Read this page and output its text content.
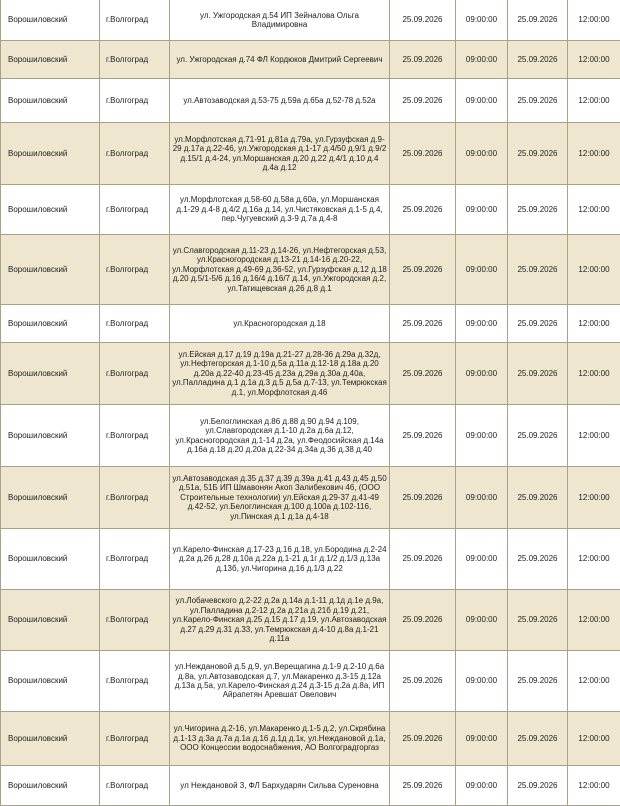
Ворошиловский	г.Волгоград	ул. Ужгородская д.54 ИП Зейналова Ольга Владимировна	25.09.2026	09:00:00	25.09.2026	12:00:00
Ворошиловский	г.Волгоград	ул. Ужгородская д.74 ФЛ Кордюков Дмитрий Сергеевич	25.09.2026	09:00:00	25.09.2026	12:00:00
Ворошиловский	г.Волгоград	ул.Автозаводская д.53-75 д.59а д.65а д.52-78 д.52а	25.09.2026	09:00:00	25.09.2026	12:00:00
Ворошиловский	г.Волгоград	ул.Морфлотская д.71-91 д.81а д.79а, ул.Гурзуфская д.9-29 д.17а д.22-46, ул.Ужгородская д.1-17 д.4/50 д.9/1 д.9/2 д.15/1 д.4-24, ул.Моршанская д.20 д.22 д.4/1 д.10 д.4 д.4а д.12	25.09.2026	09:00:00	25.09.2026	12:00:00
Ворошиловский	г.Волгоград	ул.Морфлотская д.58-60 д.58а д.60а, ул.Моршанская д.1-29 д.4-8 д.4/2 д.16а д.14, ул.Чистяковская д.1-5 д.4, пер.Чугуевский д.3-9 д.7а д.4-8	25.09.2026	09:00:00	25.09.2026	12:00:00
Ворошиловский	г.Волгоград	ул.Славгородская д.11-23 д.14-26, ул.Нефтегорская д.53, ул.Красногородская д.13-21 д.14-16 д.20-22, ул.Морфлотская д.49-69 д.36-52, ул.Гурзуфская д.12 д.18 д.20 д.5/1-5/6 д.16 д.16/4 д.16/7 д.14, ул.Ужгородская д.2, ул.Татищевская д.26 д.8 д.1	25.09.2026	09:00:00	25.09.2026	12:00:00
Ворошиловский	г.Волгоград	ул.Красногородская д.18	25.09.2026	09:00:00	25.09.2026	12:00:00
Ворошиловский	г.Волгоград	ул.Ейская д.17 д.19 д.19а д.21-27 д.28-36 д.29а д.32д, ул.Нефтегорская д.1-10 д.5а д.11а д.12-18 д.18а д.20 д.20а д.22-40 д.23-45 д.23а д.29а д.30а д.40а, ул.Палладина д.1 д.1а д.3 д.5 д.5а д.7-13, ул.Темрюкская д.1, ул.Морфлотская д.46	25.09.2026	09:00:00	25.09.2026	12:00:00
Ворошиловский	г.Волгоград	ул.Белоглинская д.86 д.88 д.90 д.94 д.109, ул.Славгородская д.1-10 д.2а д.6а д.12, ул.Красногородская д.1-14 д.2а, ул.Феодосийская д.14а д.16а д.18 д.20 д.20а д.22-34 д.34а д.36 д.38 д.40	25.09.2026	09:00:00	25.09.2026	12:00:00
Ворошиловский	г.Волгоград	ул.Автозаводская д.35 д.37 д.39 д.39а д.41 д.43 д.45 д.50 д.51а, 51Б ИП Шмавонян Акоп Залибекович 46, (ООО Строительные технологии) ул.Ейская д.29-37 д.41-49 д.42-52, ул.Белоглинская д.100 д.100а д.102-116, ул.Пинская д.1 д.1а д.4-18	25.09.2026	09:00:00	25.09.2026	12:00:00
Ворошиловский	г.Волгоград	ул.Карело-Финская д.17-23 д.16 д.18, ул.Бородина д.2-24 д.2а д.26 д.28 д.10а д.22а д.1-21 д.1г д.1/2 д.1/3 д.13а д.13б, ул.Чигорина д.16 д.1/3 д.22	25.09.2026	09:00:00	25.09.2026	12:00:00
Ворошиловский	г.Волгоград	ул.Лобачевского д.2-22 д.2а д.14а д.1-11 д.1д д.1е д.9а, ул.Палладина д.2-12 д.2а д.21а д.21б д.19 д.21, ул.Карело-Финская д.25 д.15 д.17 д.19, ул.Автозаводская д.27 д.29 д.31 д.33, ул.Темрюкская д.4-10 д.8а д.1-21 д.11а	25.09.2026	09:00:00	25.09.2026	12:00:00
Ворошиловский	г.Волгоград	ул.Неждановой д.5 д.9, ул.Верещагина д.1-9 д.2-10 д.6а д.8а, ул.Автозаводская д.7, ул.Макаренко д.3-15 д.12а д.13а д.5а, ул.Карело-Финская д.24 д.3-15 д.2а д.8а, ИП Айрапетян Аревшат Овелович	25.09.2026	09:00:00	25.09.2026	12:00:00
Ворошиловский	г.Волгоград	ул.Чигорина д.2-16, ул.Макаренко д.1-5 д.2, ул.Скрябина д.1-13 д.3а д.7а д.1а д.16 д.1д д.1к, ул.Неждановой д.1а, ООО Концессии водоснабжения, АО Волгоградгоргаз	25.09.2026	09:00:00	25.09.2026	12:00:00
Ворошиловский	г.Волгоград	ул Неждановой 3, ФЛ Бархударян Сильва Суреновна	25.09.2026	09:00:00	25.09.2026	12:00:00
